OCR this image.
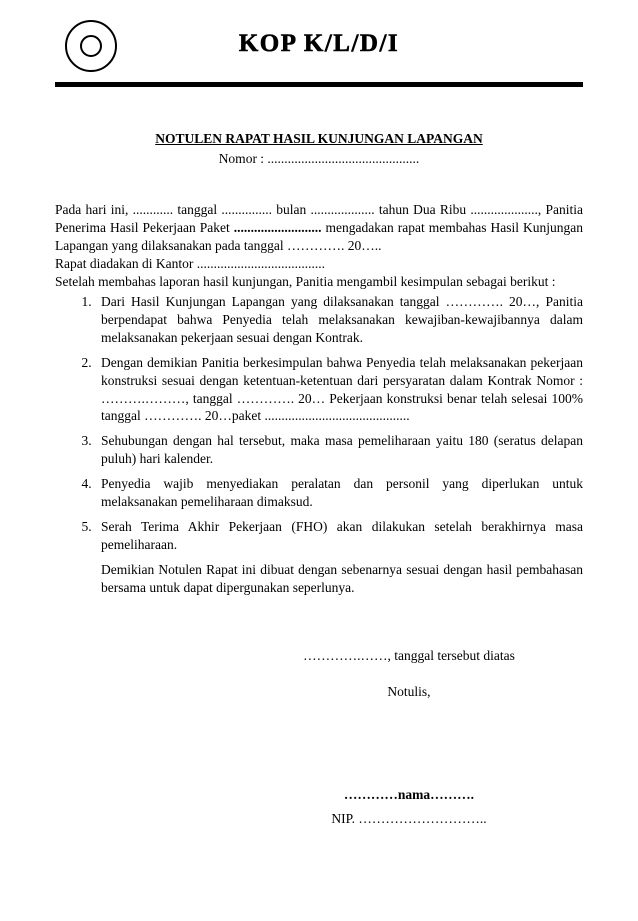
KOP K/L/D/I
NOTULEN RAPAT HASIL KUNJUNGAN LAPANGAN
Nomor : .............................................

Pada hari ini, ............ tanggal ............... bulan ................... tahun Dua Ribu ...................., Panitia Penerima Hasil Pekerjaan Paket .......................... mengadakan rapat membahas Hasil Kunjungan Lapangan yang dilaksanakan pada tanggal …………. 20…..

Rapat diadakan di Kantor ......................................

Setelah membahas laporan hasil kunjungan, Panitia mengambil kesimpulan sebagai berikut :

1. Dari Hasil Kunjungan Lapangan yang dilaksanakan tanggal …………. 20…, Panitia berpendapat bahwa Penyedia telah melaksanakan kewajiban-kewajibannya dalam melaksanakan pekerjaan sesuai dengan Kontrak.
2. Dengan demikian Panitia berkesimpulan bahwa Penyedia telah melaksanakan pekerjaan konstruksi sesuai dengan ketentuan-ketentuan dari persyaratan dalam Kontrak Nomor : ……….………, tanggal …………. 20… Pekerjaan konstruksi benar telah selesai 100% tanggal …………. 20…paket ...........................................
3. Sehubungan dengan hal tersebut, maka masa pemeliharaan yaitu 180 (seratus delapan puluh) hari kalender.
4. Penyedia wajib menyediakan peralatan dan personil yang diperlukan untuk melaksanakan pemeliharaan dimaksud.
5. Serah Terima Akhir Pekerjaan (FHO) akan dilakukan setelah berakhirnya masa pemeliharaan.
Demikian Notulen Rapat ini dibuat dengan sebenarnya sesuai dengan hasil pembahasan bersama untuk dapat dipergunakan seperlunya.
………….……, tanggal tersebut diatas
Notulis,
…………nama……….
NIP. ………………………..
